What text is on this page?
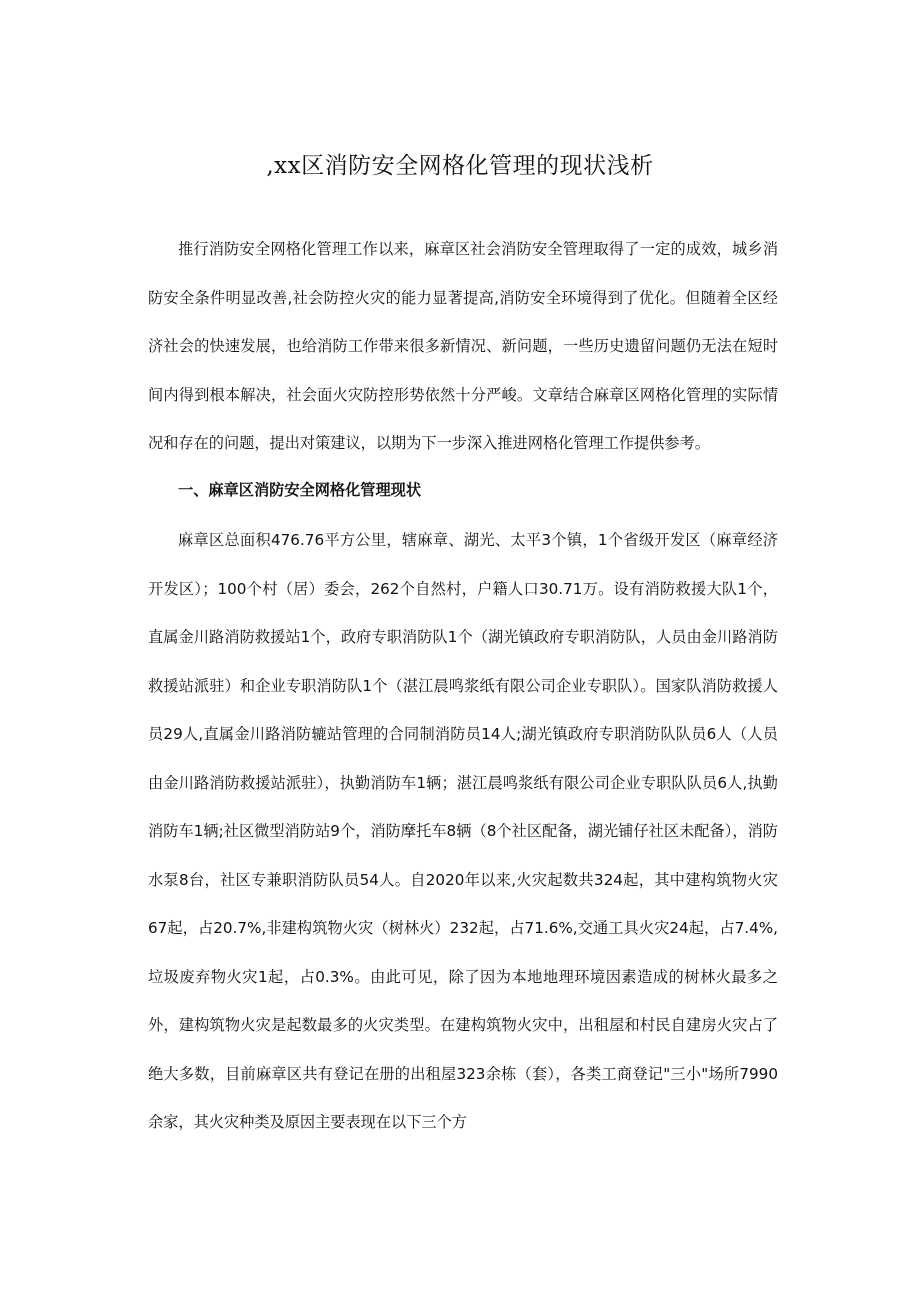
,xx区消防安全网格化管理的现状浅析

推行消防安全网格化管理工作以来，麻章区社会消防安全管理取得了一定的成效，城乡消防安全条件明显改善,社会防控火灾的能力显著提高,消防安全环境得到了优化。但随着全区经济社会的快速发展，也给消防工作带来很多新情况、新问题，一些历史遗留问题仍无法在短时间内得到根本解决，社会面火灾防控形势依然十分严峻。文章结合麻章区网格化管理的实际情况和存在的问题，提出对策建议，以期为下一步深入推进网格化管理工作提供参考。

一、麻章区消防安全网格化管理现状

麻章区总面积476.76平方公里，辖麻章、湖光、太平3个镇，1个省级开发区（麻章经济开发区）；100个村（居）委会，262个自然村，户籍人口30.71万。设有消防救援大队1个，直属金川路消防救援站1个，政府专职消防队1个（湖光镇政府专职消防队，人员由金川路消防救援站派驻）和企业专职消防队1个（湛江晨鸣浆纸有限公司企业专职队）。国家队消防救援人员29人,直属金川路消防辘站管理的合同制消防员14人;湖光镇政府专职消防队队员6人（人员由金川路消防救援站派驻），执勤消防车1辆；湛江晨鸣浆纸有限公司企业专职队队员6人,执勤消防车1辆;社区微型消防站9个，消防摩托车8辆（8个社区配备，湖光铺仔社区未配备），消防水泵8台，社区专兼职消防队员54人。自2020年以来,火灾起数共324起，其中建构筑物火灾67起，占20.7%,非建构筑物火灾（树林火）232起，占71.6%,交通工具火灾24起，占7.4%,垃圾废弃物火灾1起，占0.3%。由此可见，除了因为本地地理环境因素造成的树林火最多之外，建构筑物火灾是起数最多的火灾类型。在建构筑物火灾中，出租屋和村民自建房火灾占了绝大多数，目前麻章区共有登记在册的出租屋323余栋（套），各类工商登记"三小"场所7990余家，其火灾种类及原因主要表现在以下三个方
